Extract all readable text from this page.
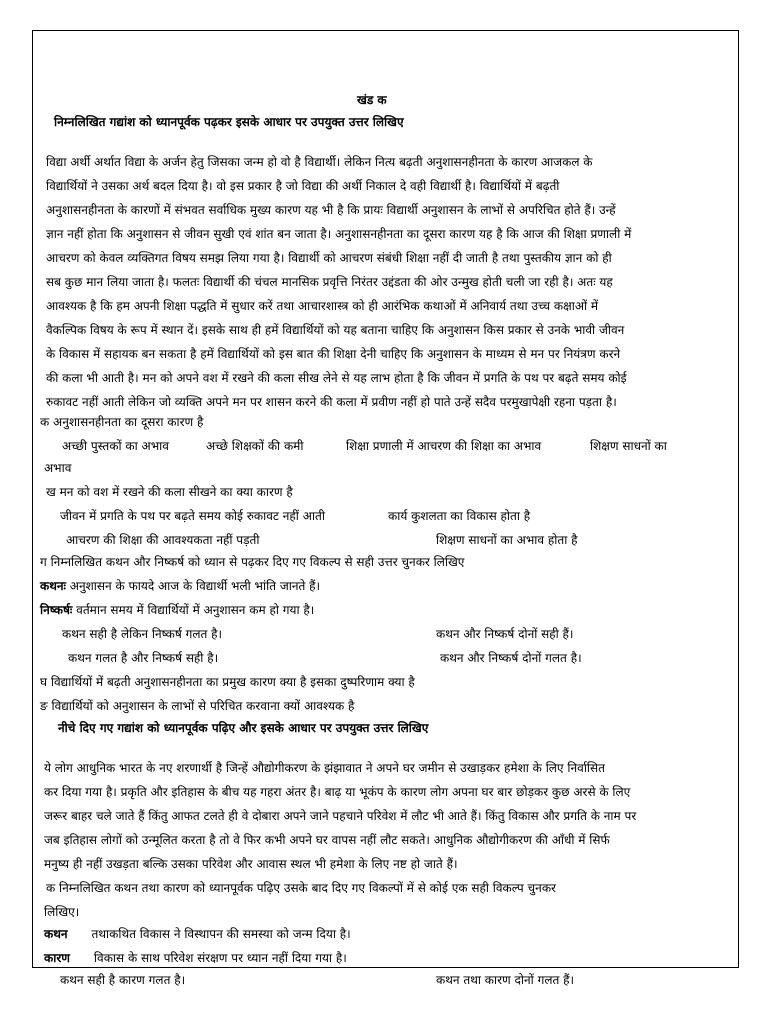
खंड क
निम्नलिखित गद्यांश को ध्यानपूर्वक पढ़कर इसके आधार पर उपयुक्त उत्तर लिखिए
विद्या अर्थी अर्थात विद्या के अर्जन हेतु जिसका जन्म हो वो है विद्यार्थी। लेकिन नित्य बढ़ती अनुशासनहीनता के कारण आजकल के
विद्यार्थियों ने उसका अर्थ बदल दिया है। वो इस प्रकार है जो विद्या की अर्थी निकाल दे वही विद्यार्थी है। विद्यार्थियों में बढ़ती
अनुशासनहीनता के कारणों में संभवत सर्वाधिक मुख्य कारण यह भी है कि प्रायः विद्यार्थी अनुशासन के लाभों से अपरिचित होते हैं। उन्हें
ज्ञान नहीं होता कि अनुशासन से जीवन सुखी एवं शांत बन जाता है। अनुशासनहीनता का दूसरा कारण यह है कि आज की शिक्षा प्रणाली में
आचरण को केवल व्यक्तिगत विषय समझ लिया गया है। विद्यार्थी को आचरण संबंधी शिक्षा नहीं दी जाती है तथा पुस्तकीय ज्ञान को ही
सब कुछ मान लिया जाता है। फलतः विद्यार्थी की चंचल मानसिक प्रवृत्ति निरंतर उद्दंडता की ओर उन्मुख होती चली जा रही है। अतः यह
आवश्यक है कि हम अपनी शिक्षा पद्धति में सुधार करें तथा आचारशास्त्र को ही आरंभिक कथाओं में अनिवार्य तथा उच्च कक्षाओं में
वैकल्पिक विषय के रूप में स्थान दें। इसके साथ ही हमें विद्यार्थियों को यह बताना चाहिए कि अनुशासन किस प्रकार से उनके भावी जीवन
के विकास में सहायक बन सकता है हमें विद्यार्थियों को इस बात की शिक्षा देनी चाहिए कि अनुशासन के माध्यम से मन पर नियंत्रण करने
की कला भी आती है। मन को अपने वश में रखने की कला सीख लेने से यह लाभ होता है कि जीवन में प्रगति के पथ पर बढ़ते समय कोई
रुकावट नहीं आती लेकिन जो व्यक्ति अपने मन पर शासन करने की कला में प्रवीण नहीं हो पाते उन्हें सदैव परमुखापेक्षी रहना पड़ता है।
क अनुशासनहीनता का दूसरा कारण है
अच्छी पुस्तकों का अभाव	अच्छे शिक्षकों की कमी	शिक्षा प्रणाली में आचरण की शिक्षा का अभाव	शिक्षण साधनों का
अभाव
ख मन को वश में रखने की कला सीखने का क्या कारण है
जीवन में प्रगति के पथ पर बढ़ते समय कोई रुकावट नहीं आती	कार्य कुशलता का विकास होता है
आचरण की शिक्षा की आवश्यकता नहीं पड़ती	शिक्षण साधनों का अभाव होता है
ग निम्नलिखित कथन और निष्कर्ष को ध्यान से पढ़कर दिए गए विकल्प से सही उत्तर चुनकर लिखिए
कथनः अनुशासन के फायदे आज के विद्यार्थी भली भांति जानते हैं।
निष्कर्षः वर्तमान समय में विद्यार्थियों में अनुशासन कम हो गया है।
कथन सही है लेकिन निष्कर्ष गलत है।	कथन और निष्कर्ष दोनों सही हैं।
कथन गलत है और निष्कर्ष सही है।	कथन और निष्कर्ष दोनों गलत है।
घ विद्यार्थियों में बढ़ती अनुशासनहीनता का प्रमुख कारण क्या है इसका दुष्परिणाम क्या है
ङ विद्यार्थियों को अनुशासन के लाभों से परिचित करवाना क्यों आवश्यक है
नीचे दिए गए गद्यांश को ध्यानपूर्वक पढ़िए और इसके आधार पर उपयुक्त उत्तर लिखिए
ये लोग आधुनिक भारत के नए शरणार्थी है जिन्हें औद्योगीकरण के झंझावात ने अपने घर जमीन से उखाड़कर हमेशा के लिए निर्वासित
कर दिया गया है। प्रकृति और इतिहास के बीच यह गहरा अंतर है। बाढ़ या भूकंप के कारण लोग अपना घर बार छोड़कर कुछ अरसे के लिए
जरूर बाहर चले जाते हैं किंतु आफत टलते ही वे दोबारा अपने जाने पहचाने परिवेश में लौट भी आते हैं। किंतु विकास और प्रगति के नाम पर
जब इतिहास लोगों को उन्मूलित करता है तो वे फिर कभी अपने घर वापस नहीं लौट सकते। आधुनिक औद्योगीकरण की आँधी में सिर्फ
मनुष्य ही नहीं उखड़ता बल्कि उसका परिवेश और आवास स्थल भी हमेशा के लिए नष्ट हो जाते हैं।
क निम्नलिखित कथन तथा कारण को ध्यानपूर्वक पढ़िए उसके बाद दिए गए विकल्पों में से कोई एक सही विकल्प चुनकर
लिखिए।
कथन तथाकथित विकास ने विस्थापन की समस्या को जन्म दिया है।
कारण विकास के साथ परिवेश संरक्षण पर ध्यान नहीं दिया गया है।
कथन सही है कारण गलत है।	कथन तथा कारण दोनों गलत हैं।
